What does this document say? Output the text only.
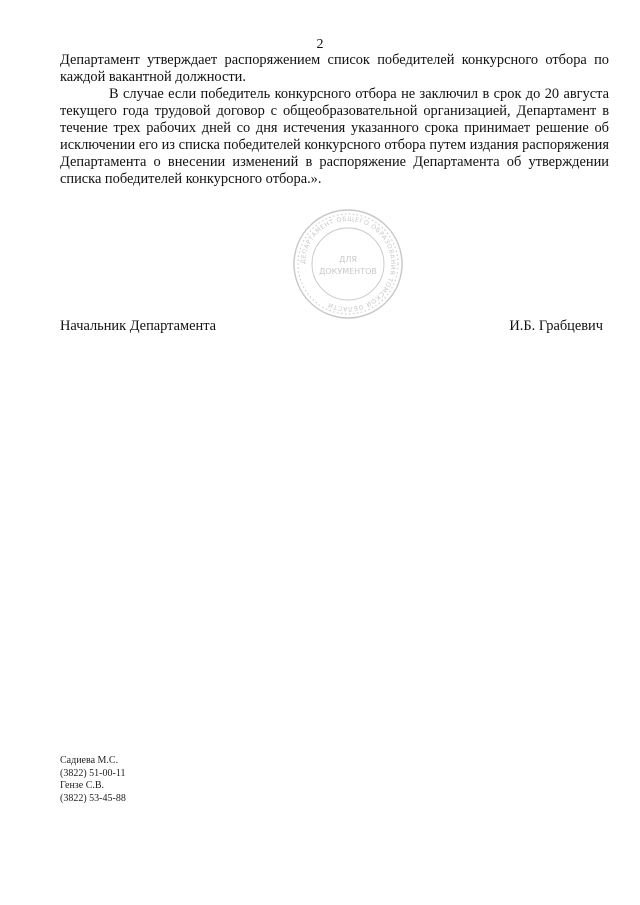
2

Департамент утверждает распоряжением список победителей конкурсного отбора по каждой вакантной должности.

В случае если победитель конкурсного отбора не заключил в срок до 20 августа текущего года трудовой договор с общеобразовательной организацией, Департамент в течение трех рабочих дней со дня истечения указанного срока принимает решение об исключении его из списка победителей конкурсного отбора путем издания распоряжения Департамента о внесении изменений в распоряжение Департамента об утверждении списка победителей конкурсного отбора.».

ДЕПАРТАМЕНТ ОБЩЕГО ОБРАЗОВАНИЯ ТОМСКОЙ ОБЛАСТИ
ДЛЯ
ДОКУМЕНТОВ
Начальник Департамента	И.Б. Грабцевич
Садиева М.С.
(3822) 51-00-11
Гензе С.В.
(3822) 53-45-88
